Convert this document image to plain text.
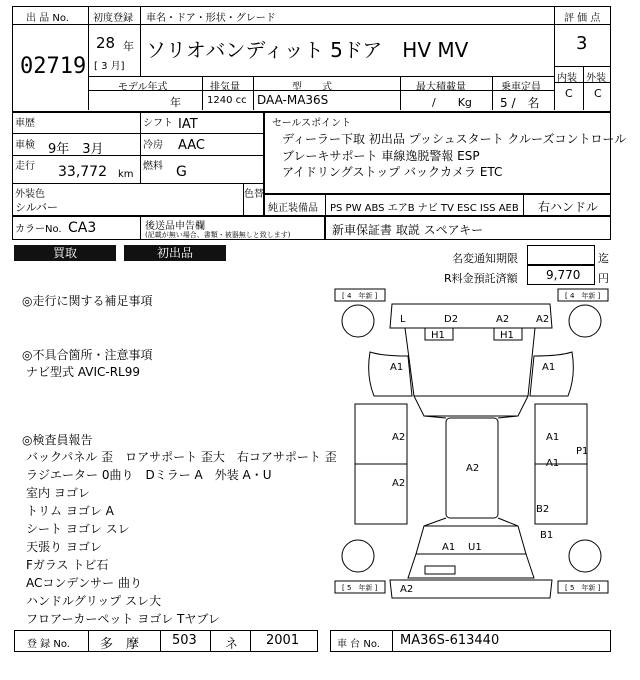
出 品 No.
02719
初度登録
28 年
[ 3 月]
車名・ドア・形状・グレード
ソリオバンディット 5ドア　HV MV
評 価 点
3
内装 外装
C C
モデル年式	排気量	型　　式	最大積載量	乗車定員
年	1240 cc DAA-MA36S	/　　Kg 5 /　名
車歴	シフト IAT
車検 9年　3月	冷房 AAC
走行 33,772 km
燃料 G
外装色
シルバー
色替
カラーNo. CA3	後送品申告欄
(記載が無い場合、書類・被器無しと致します)
セールスポイント
ディーラー下取 初出品 プッシュスタート クルーズコントロール
ブレーキサポート 車線逸脱警報 ESP
アイドリングストップ バックカメラ ETC
純正装備品 PS PW ABS エアB ナビ TV ESC ISS AEB 右ハンドル
新車保証書 取説 スペアキー
買取	初出品	名変通知期限	迄
R料金預託済額 9,770 円
◎走行に関する補足事項
◎不具合箇所・注意事項
ナビ型式 AVIC-RL99
◎検査員報告
バックパネル 歪　ロアサポート 歪大　右コアサポート 歪
ラジエーター 0曲り　Dミラー A　外装 A・U
室内 ヨゴレ
トリム ヨゴレ A
シート ヨゴレ スレ
天張り ヨゴレ
Fガラス トビ石
ACコンデンサー 曲り
ハンドルグリップ スレ大
フロアーカーペット ヨゴレ Tヤブレ
L	D2	A2	A2
H1	H1
A1	A1
A2
A2
A2
A1
A1
P1
B2
B1
A1 U1
A2
[ 4　年新 ]	[ 4　年新 ]
[ 5　年新 ]	[ 5　年新 ]
登 録 No. 多　摩	503 ネ 2001	車 台 No. MA36S-613440
